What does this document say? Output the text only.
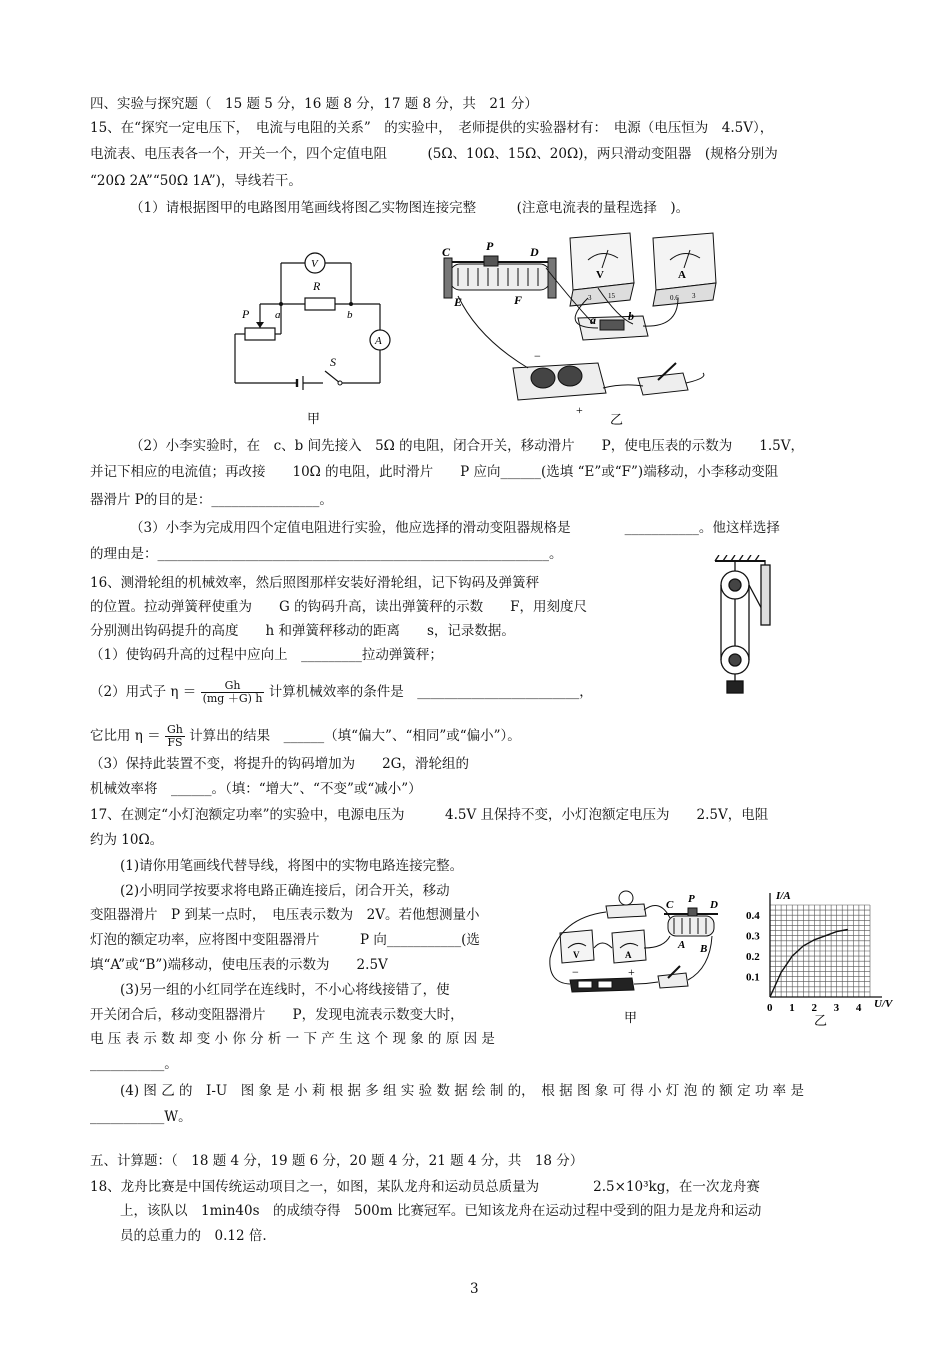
四、实验与探究题（　15 题 5 分，16 题 8 分，17 题 8 分，共　21 分）
15、在“探究一定电压下，　电流与电阻的关系”　的实验中，　老师提供的实验器材有：　电源（电压恒为　4.5V），
电流表、电压表各一个，开关一个，四个定值电阻　　　(5Ω、10Ω、15Ω、20Ω)，两只滑动变阻器　(规格分别为
“20Ω 2A”“50Ω 1A”)，导线若干。
（1）请根据图甲的电路图用笔画线将图乙实物图连接完整　　　(注意电流表的量程选择　)。
V
R
A
P a	b
S
甲
C	P	D
E	F
a	b
V	A
−
+
3 15	0.6 3
乙
（2）小李实验时，在　c、b 间先接入　5Ω 的电阻，闭合开关，移动滑片　　P，使电压表的示数为　　1.5V，
并记下相应的电流值；再改接　　10Ω 的电阻，此时滑片　　P 应向______(选填 “E”或“F”)端移动，小李移动变阻
器滑片 P的目的是：________________。
（3）小李为完成用四个定值电阻进行实验，他应选择的滑动变阻器规格是　　　　___________。他这样选择
的理由是：__________________________________________________________。
16、测滑轮组的机械效率，然后照图那样安装好滑轮组，记下钩码及弹簧秤
的位置。拉动弹簧秤使重为　　G 的钩码升高，读出弹簧秤的示数　　F，用刻度尺
分别测出钩码提升的高度　　h 和弹簧秤移动的距离　　s，记录数据。
（1）使钩码升高的过程中应向上　_________拉动弹簧秤；
（2）用式子 $\eta = \frac{Gh}{(mg +G) h}$ 计算机械效率的条件是　________________________，
它比用 $\eta = \frac{Gh}{FS}$ 计算出的结果　______（填“偏大”、“相同”或“偏小”）。
（3）保持此装置不变，将提升的钩码增加为　　2G，滑轮组的
机械效率将　______。（填：“增大”、“不变”或“减小”）
17、在测定“小灯泡额定功率”的实验中，电源电压为　　　4.5V 且保持不变，小灯泡额定电压为　　2.5V，电阻
约为 10Ω。
(1)请你用笔画线代替导线，将图中的实物电路连接完整。
(2)小明同学按要求将电路正确连接后，闭合开关，移动
变阻器滑片　P 到某一点时，　电压表示数为　2V。若他想测量小
灯泡的额定功率，应将图中变阻器滑片　　　P 向___________(选
填“A”或“B”)端移动，使电压表的示数为　　2.5V
(3)另一组的小红同学在连线时，不小心将线接错了，使
开关闭合后，移动变阻器滑片　　P，发现电流表示数变大时，
电 压 表 示 数 却 变 小 你 分 析 一 下 产 生 这 个 现 象 的 原 因 是
___________。
(4) 图 乙 的　I-U　图 象 是 小 莉 根 据 多 组 实 验 数 据 绘 制 的，　根 据 图 象 可 得 小 灯 泡 的 额 定 功 率 是
___________W。
C P D
A B
V	A
−	+
甲
0.1
0.2
0.3
0.4
0 1 2 3 4
I/A
U/V
乙
五、计算题：（　18 题 4 分，19 题 6 分，20 题 4 分，21 题 4 分，共　18 分）
18、龙舟比赛是中国传统运动项目之一，如图，某队龙舟和运动员总质量为　　　　2.5×10³kg，在一次龙舟赛
上，该队以　1min40s　的成绩夺得　500m 比赛冠军。已知该龙舟在运动过程中受到的阻力是龙舟和运动
员的总重力的　0.12 倍.
3
